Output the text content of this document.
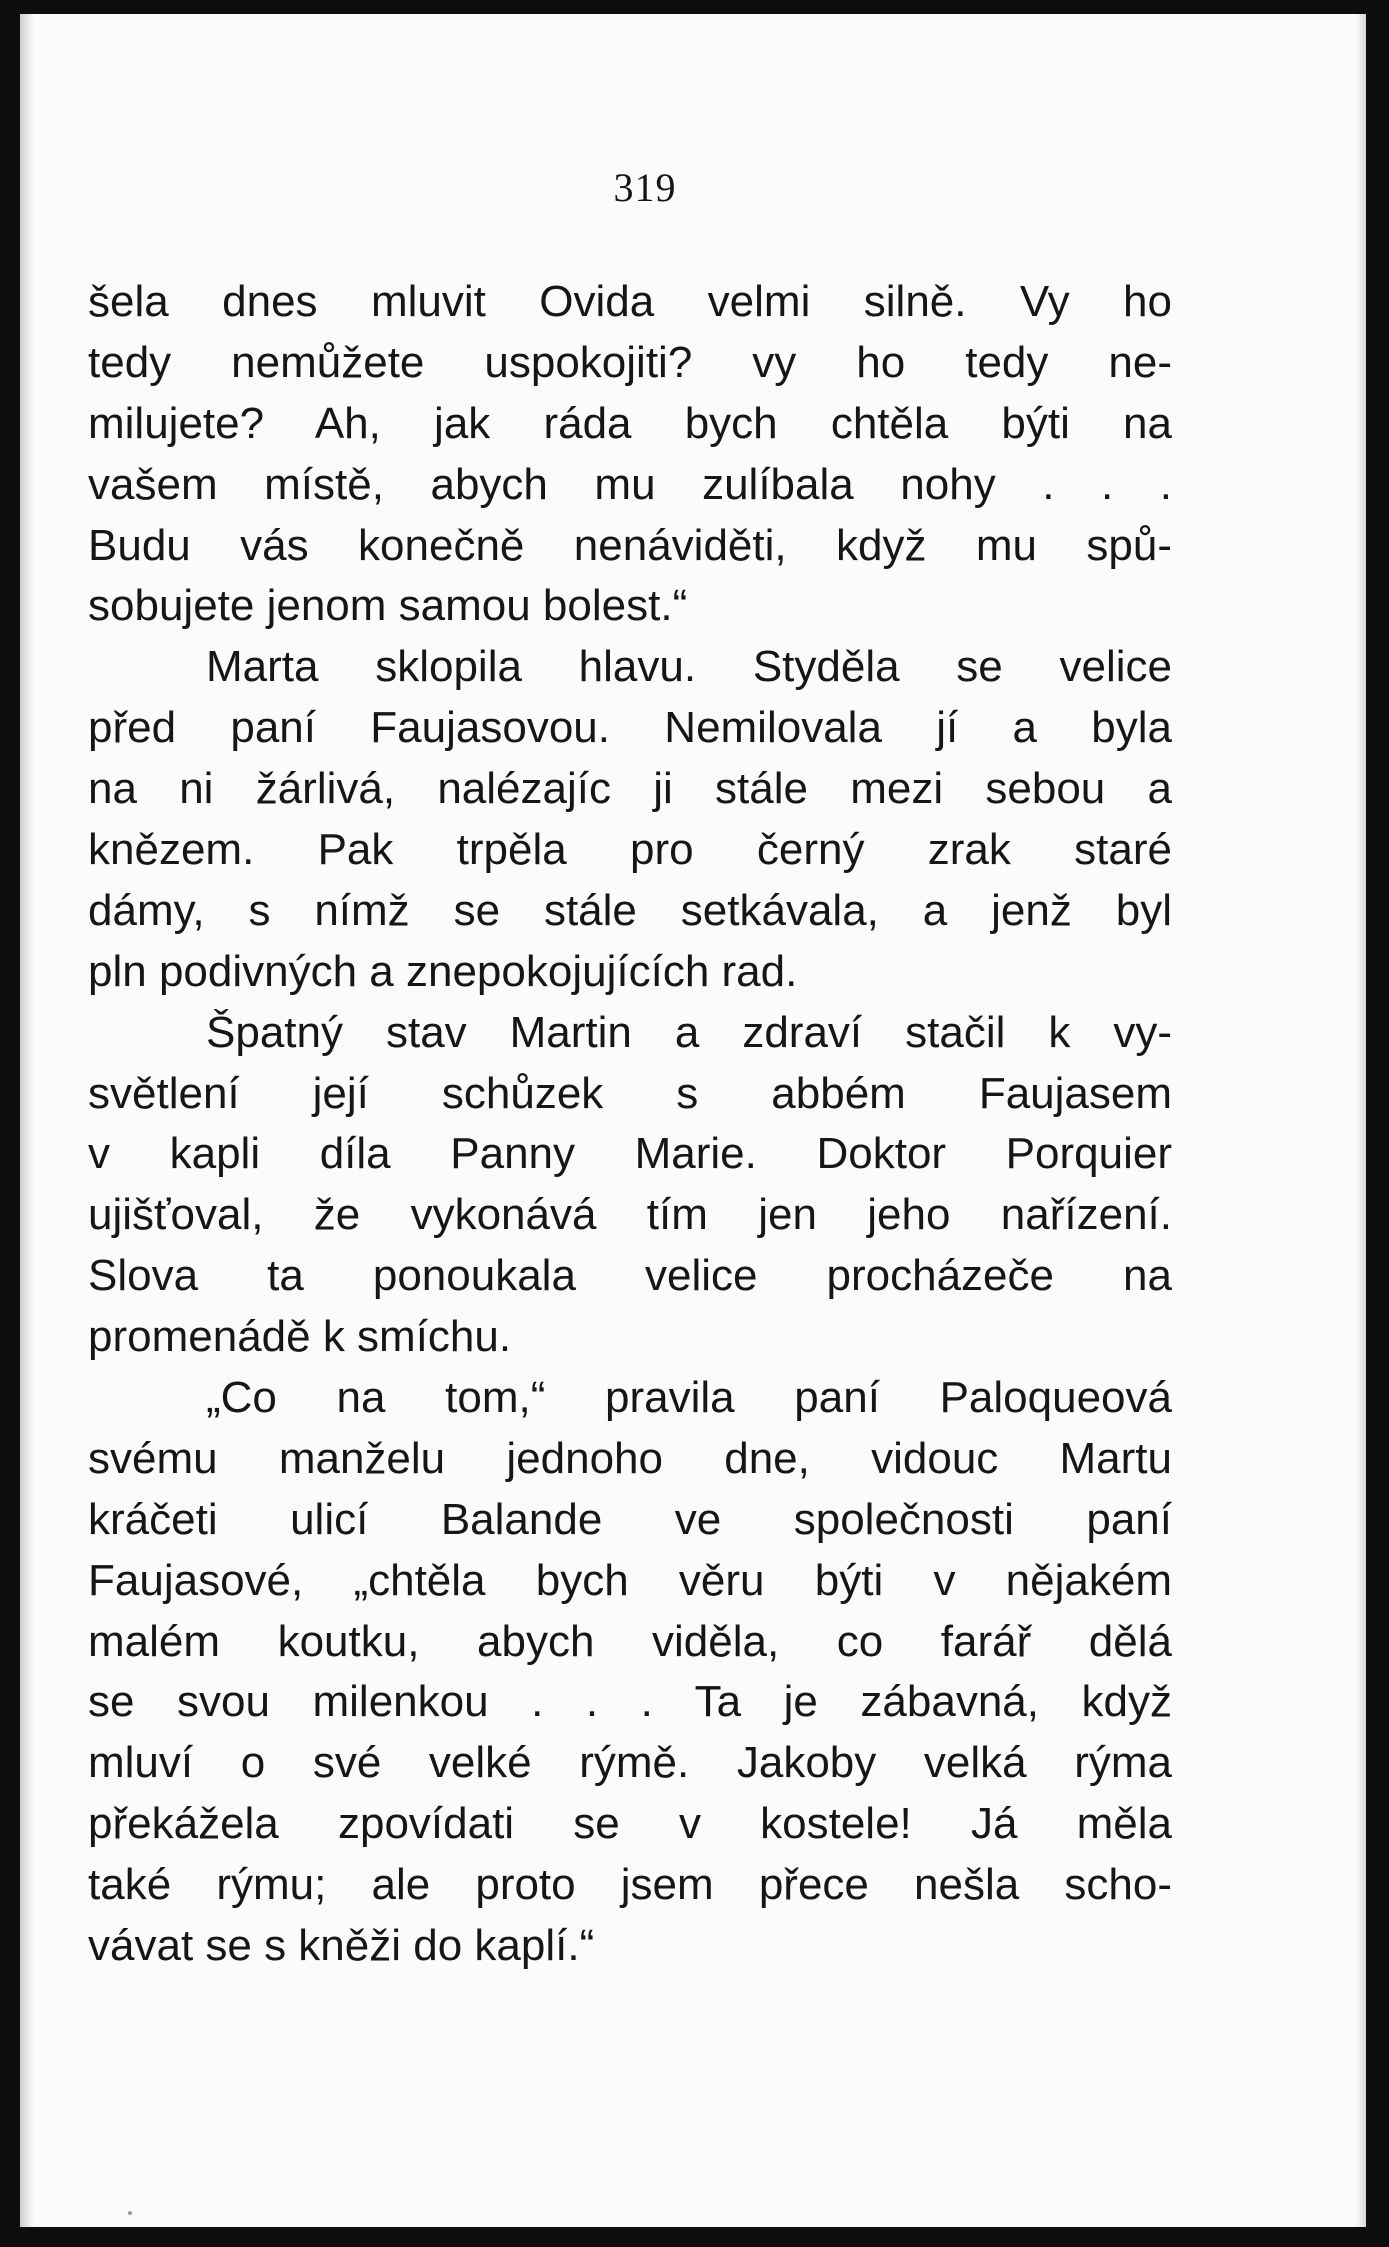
319
šela dnes mluvit Ovida velmi silně. Vy ho
tedy nemůžete uspokojiti? vy ho tedy ne-
milujete? Ah, jak ráda bych chtěla býti na
vašem místě, abych mu zulíbala nohy . . .
Budu vás konečně nenáviděti, když mu spů-
sobujete jenom samou bolest.“
Marta sklopila hlavu. Styděla se velice
před paní Faujasovou. Nemilovala jí a byla
na ni žárlivá, nalézajíc ji stále mezi sebou a
knězem. Pak trpěla pro černý zrak staré
dámy, s nímž se stále setkávala, a jenž byl
pln podivných a znepokojujících rad.
Špatný stav Martin a zdraví stačil k vy-
světlení její schůzek s abbém Faujasem
v kapli díla Panny Marie. Doktor Porquier
ujišťoval, že vykonává tím jen jeho nařízení.
Slova ta ponoukala velice procházeče na
promenádě k smíchu.
„Co na tom,“ pravila paní Paloqueová
svému manželu jednoho dne, vidouc Martu
kráčeti ulicí Balande ve společnosti paní
Faujasové, „chtěla bych věru býti v nějakém
malém koutku, abych viděla, co farář dělá
se svou milenkou . . . Ta je zábavná, když
mluví o své velké rýmě. Jakoby velká rýma
překážela zpovídati se v kostele! Já měla
také rýmu; ale proto jsem přece nešla scho-
vávat se s kněži do kaplí.“
